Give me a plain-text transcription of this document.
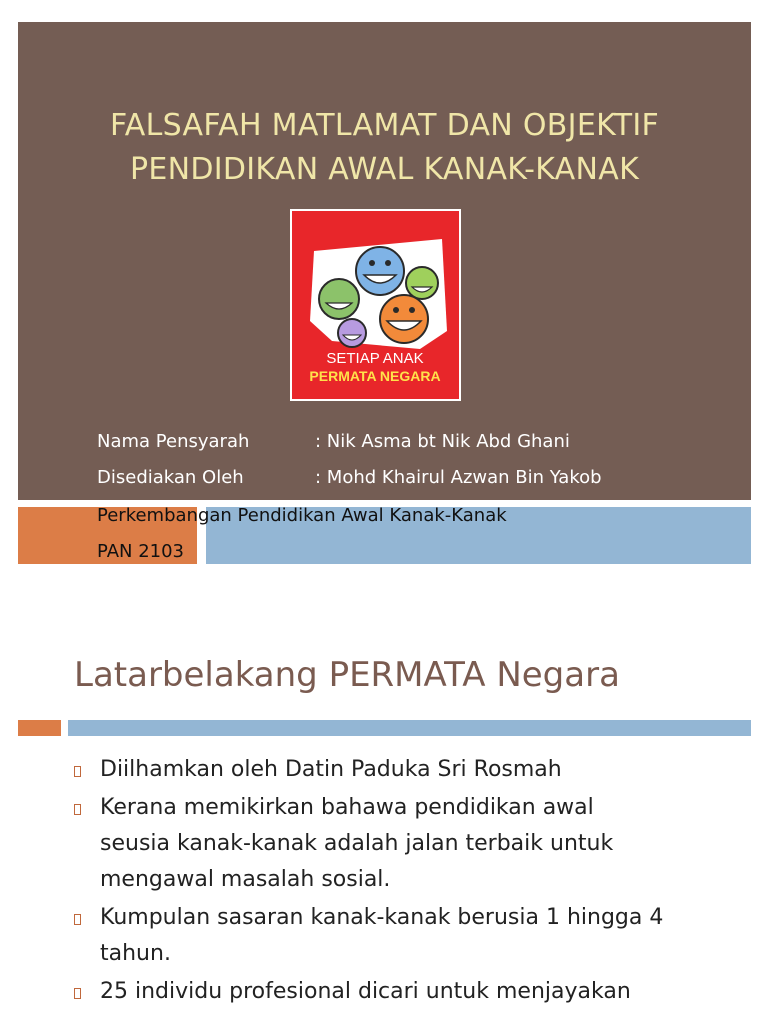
FALSAFAH MATLAMAT DAN OBJEKTIF
PENDIDIKAN AWAL KANAK-KANAK
SETIAP ANAK
PERMATA NEGARA
Nama Pensyarah	: Nik Asma bt Nik Abd Ghani
Disediakan Oleh	: Mohd Khairul Azwan Bin Yakob
Perkembangan Pendidikan Awal Kanak-Kanak
PAN 2103
Latarbelakang PERMATA Negara
Diilhamkan oleh Datin Paduka Sri Rosmah
Kerana memikirkan bahawa pendidikan awal
seusia kanak-kanak adalah jalan terbaik untuk
mengawal masalah sosial.
Kumpulan sasaran kanak-kanak berusia 1 hingga 4
tahun.
25 individu profesional dicari untuk menjayakan
